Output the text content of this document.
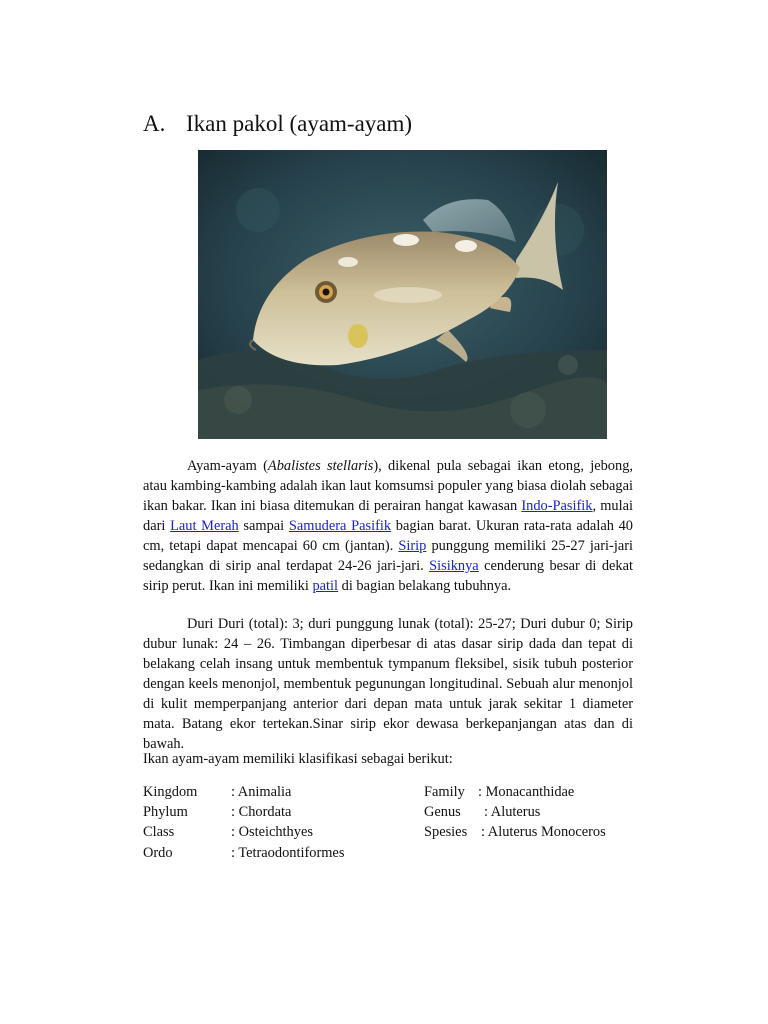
A. Ikan pakol (ayam-ayam)
Ayam-ayam (Abalistes stellaris), dikenal pula sebagai ikan etong, jebong, atau kambing-kambing adalah ikan laut komsumsi populer yang biasa diolah sebagai ikan bakar. Ikan ini biasa ditemukan di perairan hangat kawasan Indo-Pasifik, mulai dari Laut Merah sampai Samudera Pasifik bagian barat. Ukuran rata-rata adalah 40 cm, tetapi dapat mencapai 60 cm (jantan). Sirip punggung memiliki 25-27 jari-jari sedangkan di sirip anal terdapat 24-26 jari-jari. Sisiknya cenderung besar di dekat sirip perut. Ikan ini memiliki patil di bagian belakang tubuhnya.
Duri Duri (total): 3; duri punggung lunak (total): 25-27; Duri dubur 0; Sirip dubur lunak: 24 – 26. Timbangan diperbesar di atas dasar sirip dada dan tepat di belakang celah insang untuk membentuk tympanum fleksibel, sisik tubuh posterior dengan keels menonjol, membentuk pegunungan longitudinal. Sebuah alur menonjol di kulit memperpanjang anterior dari depan mata untuk jarak sekitar 1 diameter mata. Batang ekor tertekan.Sinar sirip ekor dewasa berkepanjangan atas dan di bawah.
Ikan ayam-ayam memiliki klasifikasi sebagai berikut:
Kingdom : Animalia
Phylum	: Chordata
Class	: Osteichthyes
Ordo	: Tetraodontiformes
Family : Monacanthidae
Genus : Aluterus
Spesies : Aluterus Monoceros
